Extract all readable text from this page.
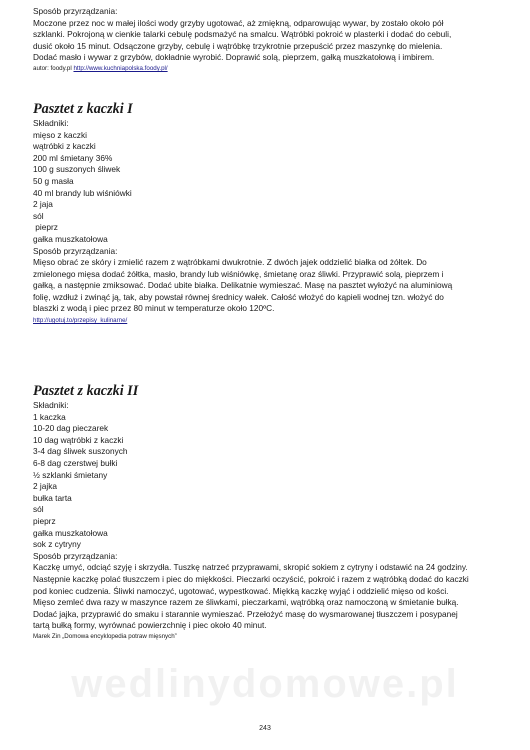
Sposób przyrządzania:

Moczone przez noc w małej ilości wody grzyby ugotować, aż zmiękną, odparowując wywar, by zostało około pół

szklanki. Pokrojoną w cienkie talarki cebulę podsmażyć na smalcu. Wątróbki pokroić w plasterki i dodać do cebuli,

dusić około 15 minut. Odsączone grzyby, cebulę i wątróbkę trzykrotnie przepuścić przez maszynkę do mielenia.

Dodać masło i wywar z grzybów, dokładnie wyrobić. Doprawić solą, pieprzem, gałką muszkatołową i imbirem.

autor: foody.pl http://www.kuchniapolska.foody.pl/

Pasztet z kaczki I

Składniki:

mięso z kaczki
wątróbki z kaczki
200 ml śmietany 36%
100 g suszonych śliwek
50 g masła
40 ml brandy lub wiśniówki
2 jaja
sól
pieprz
gałka muszkatołowa

Sposób przyrządzania:

Mięso obrać ze skóry i zmielić razem z wątróbkami dwukrotnie. Z dwóch jajek oddzielić białka od żółtek. Do

zmielonego mięsa dodać żółtka, masło, brandy lub wiśniówkę, śmietanę oraz śliwki. Przyprawić solą, pieprzem i

gałką, a następnie zmiksować. Dodać ubite białka. Delikatnie wymieszać. Masę na pasztet wyłożyć na aluminiową

folię, wzdłuż i zwinąć ją, tak, aby powstał równej średnicy wałek. Całość włożyć do kąpieli wodnej tzn. włożyć do

blaszki z wodą i piec przez 80 minut w temperaturze około 120ºC.

http://ugotuj.to/przepisy_kulinarne/

Pasztet z kaczki II

Składniki:

1 kaczka
10-20 dag pieczarek
10 dag wątróbki z kaczki
3-4 dag śliwek suszonych
6-8 dag czerstwej bułki
½ szklanki śmietany
2 jajka
bułka tarta
sól
pieprz
gałka muszkatołowa
sok z cytryny

Sposób przyrządzania:

Kaczkę umyć, odciąć szyję i skrzydła. Tuszkę natrzeć przyprawami, skropić sokiem z cytryny i odstawić na 24 godziny.

Następnie kaczkę polać tłuszczem i piec do miękkości. Pieczarki oczyścić, pokroić i razem z wątróbką dodać do kaczki

pod koniec cudzenia. Śliwki namoczyć, ugotować, wypestkować. Miękką kaczkę wyjąć i oddzielić mięso od kości.

Mięso zemleć dwa razy w maszynce razem ze śliwkami, pieczarkami, wątróbką oraz namoczoną w śmietanie bułką.

Dodać jajka, przyprawić do smaku i starannie wymieszać. Przełożyć masę do wysmarowanej tłuszczem i posypanej

tartą bułką formy, wyrównać powierzchnię i piec około 40 minut.

Marek Zin „Domowa encyklopedia potraw mięsnych”

wedlinydomowe.pl
243
